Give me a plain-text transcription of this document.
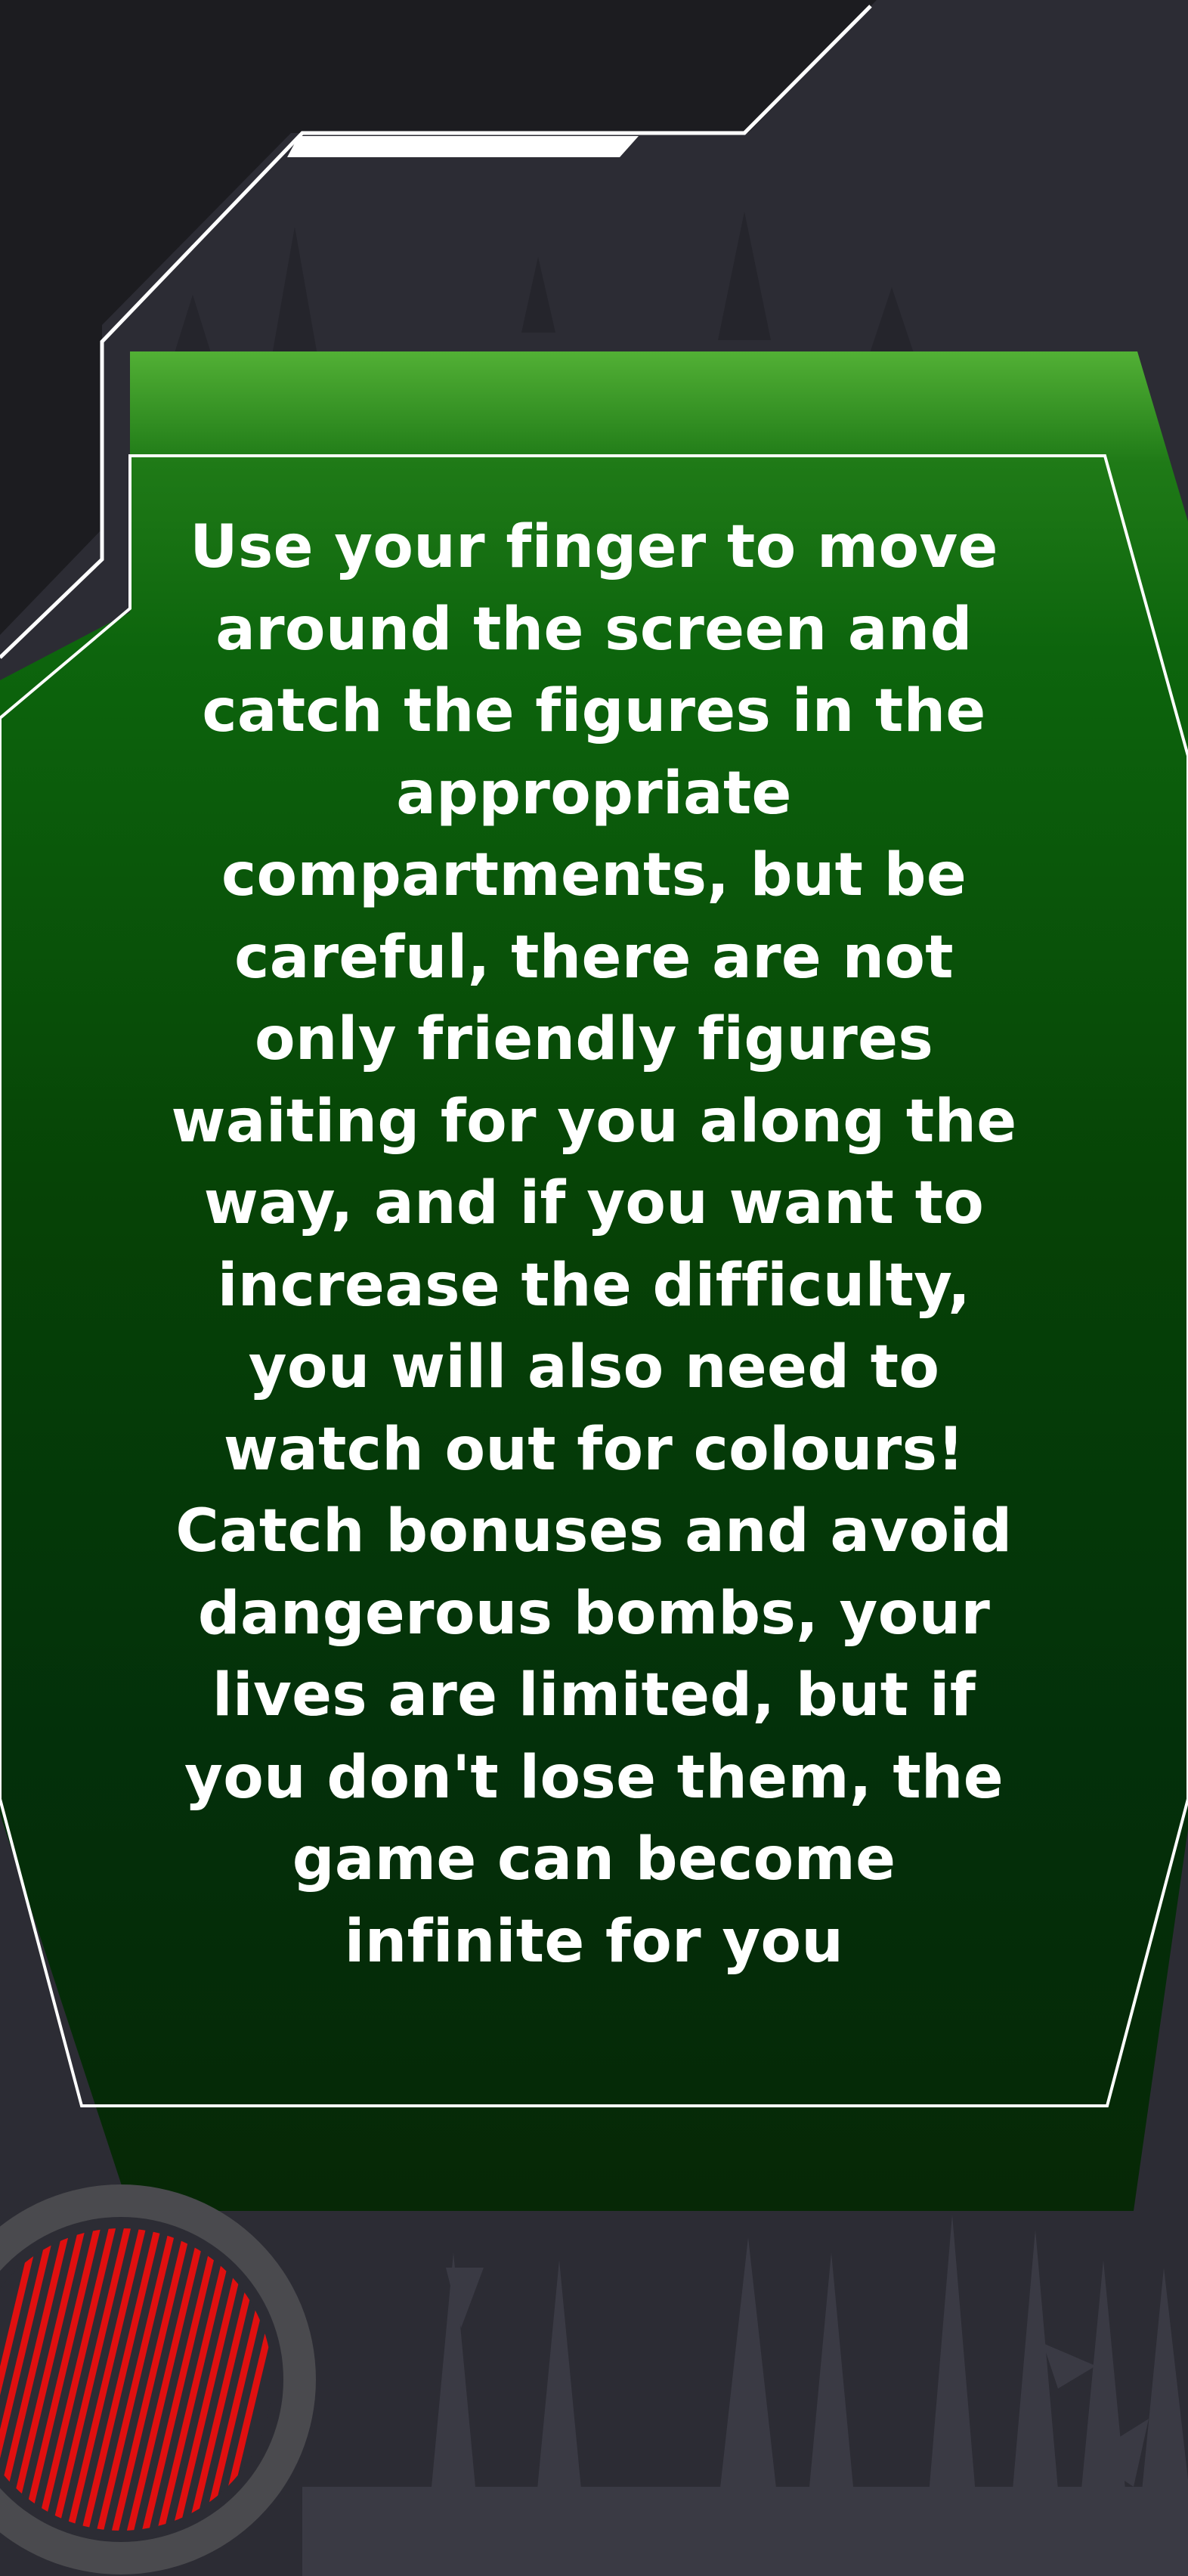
Use your finger to move around the screen and catch the figures in the appropriate compartments, but be careful, there are not only friendly figures waiting for you along the way, and if you want to increase the difficulty, you will also need to watch out for colours! Catch bonuses and avoid dangerous bombs, your lives are limited, but if you don't lose them, the game can become infinite for you
